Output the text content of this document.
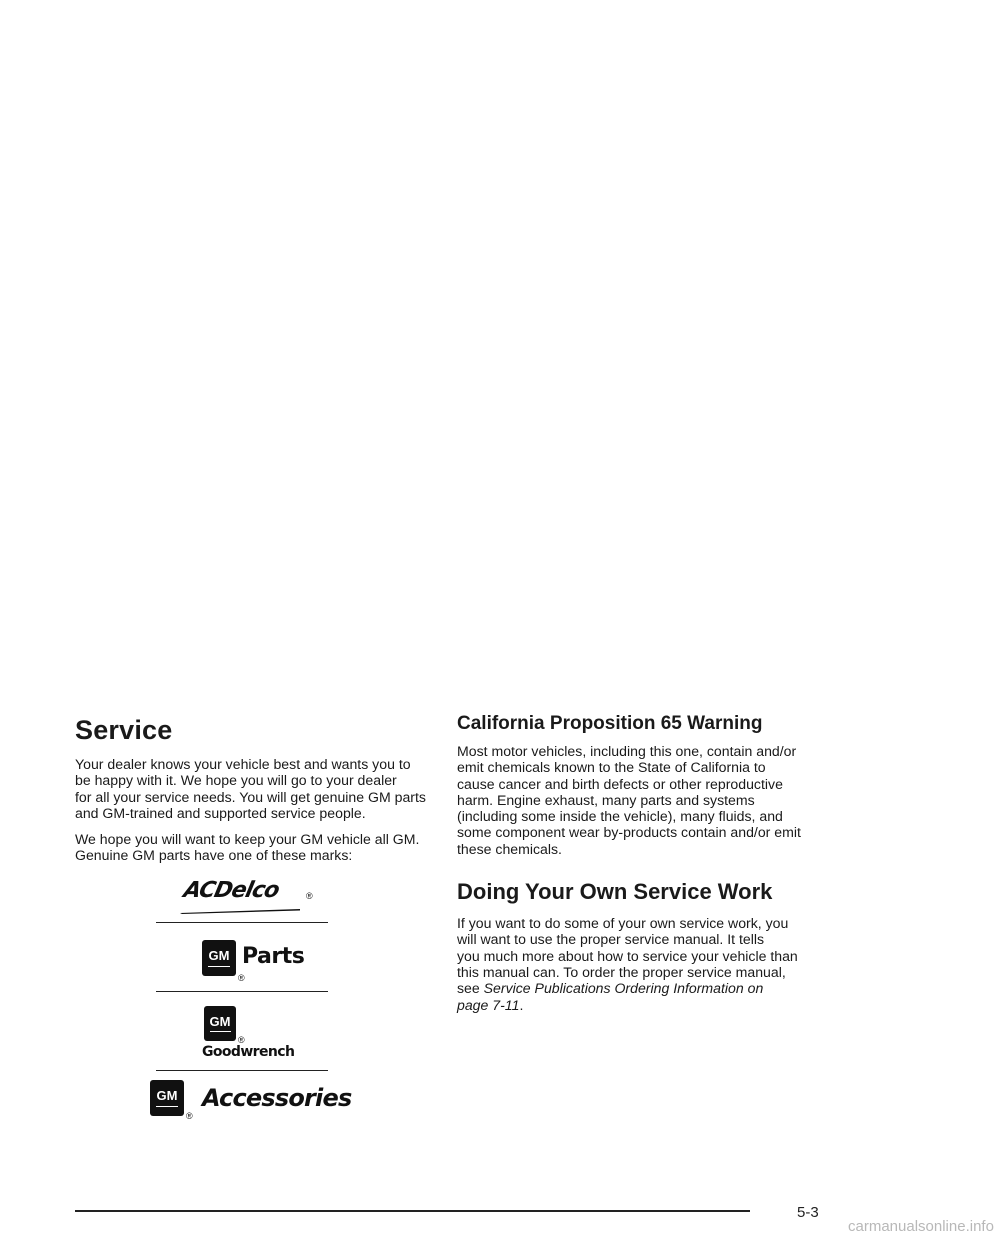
Service

Your dealer knows your vehicle best and wants you to
be happy with it. We hope you will go to your dealer
for all your service needs. You will get genuine GM parts
and GM-trained and supported service people.

We hope you will want to keep your GM vehicle all GM.
Genuine GM parts have one of these marks:

ACDelco	®
GM Parts
®
GM
®
Goodwrench
GM
®
Accessories
California Proposition 65 Warning

Most motor vehicles, including this one, contain and/or
emit chemicals known to the State of California to
cause cancer and birth defects or other reproductive
harm. Engine exhaust, many parts and systems
(including some inside the vehicle), many fluids, and
some component wear by-products contain and/or emit
these chemicals.

Doing Your Own Service Work

If you want to do some of your own service work, you
will want to use the proper service manual. It tells
you much more about how to service your vehicle than
this manual can. To order the proper service manual,
see Service Publications Ordering Information on
page 7-11.

5-3
carmanualsonline.info
